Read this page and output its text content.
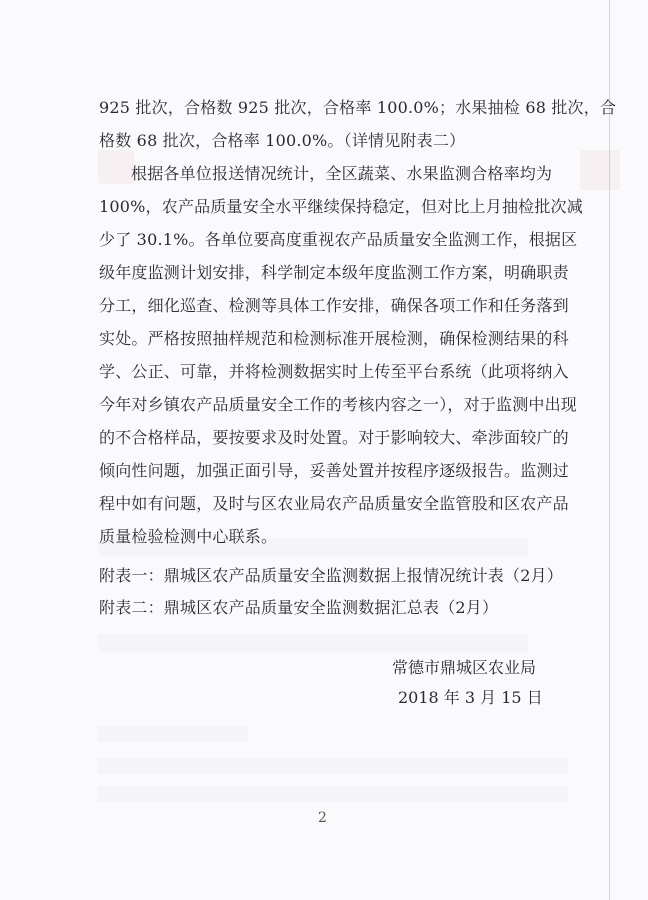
925 批次，合格数 925 批次，合格率 100.0%；水果抽检 68 批次，合
格数 68 批次，合格率 100.0%。（详情见附表二）
根据各单位报送情况统计，全区蔬菜、水果监测合格率均为
100%，农产品质量安全水平继续保持稳定，但对比上月抽检批次减
少了 30.1%。各单位要高度重视农产品质量安全监测工作，根据区
级年度监测计划安排，科学制定本级年度监测工作方案，明确职责
分工，细化巡查、检测等具体工作安排，确保各项工作和任务落到
实处。严格按照抽样规范和检测标准开展检测，确保检测结果的科
学、公正、可靠，并将检测数据实时上传至平台系统（此项将纳入
今年对乡镇农产品质量安全工作的考核内容之一），对于监测中出现
的不合格样品，要按要求及时处置。对于影响较大、牵涉面较广的
倾向性问题，加强正面引导，妥善处置并按程序逐级报告。监测过
程中如有问题，及时与区农业局农产品质量安全监管股和区农产品
质量检验检测中心联系。
附表一：鼎城区农产品质量安全监测数据上报情况统计表（2月）
附表二：鼎城区农产品质量安全监测数据汇总表（2月）
常德市鼎城区农业局
2018 年 3 月 15 日
2
